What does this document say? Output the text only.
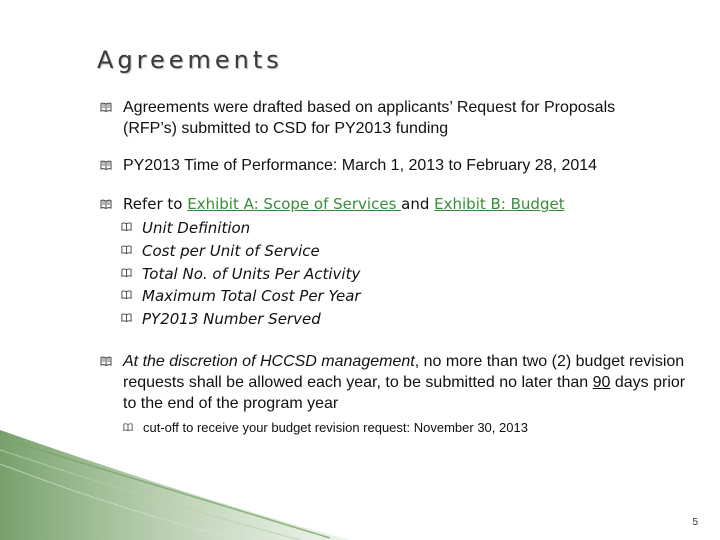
Agreements
Agreements were drafted based on applicants’ Request for Proposals (RFP’s) submitted to CSD for PY2013 funding
PY2013 Time of Performance: March 1, 2013 to February 28, 2014
Refer to Exhibit A: Scope of Services and Exhibit B: Budget
Unit Definition
Cost per Unit of Service
Total No. of Units Per Activity
Maximum Total Cost Per Year
PY2013 Number Served
At the discretion of HCCSD management, no more than two (2) budget revision requests shall be allowed each year, to be submitted no later than 90 days prior to the end of the program year
cut-off to receive your budget revision request: November 30, 2013
5
